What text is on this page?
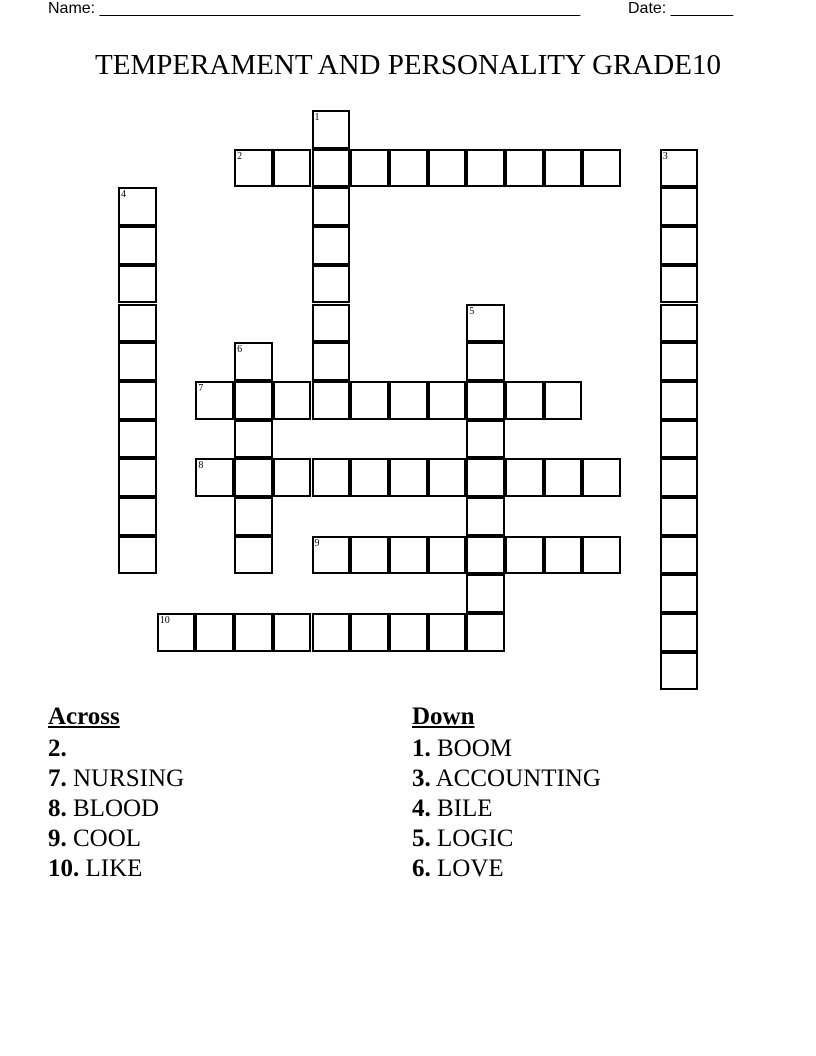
Name: ______________________________________________________	Date: _______
TEMPERAMENT AND PERSONALITY GRADE10
1
2	3
4
5
6
7
8
9
10
Across
2.
7. NURSING
8. BLOOD
9. COOL
10. LIKE
Down
1. BOOM
3. ACCOUNTING
4. BILE
5. LOGIC
6. LOVE
